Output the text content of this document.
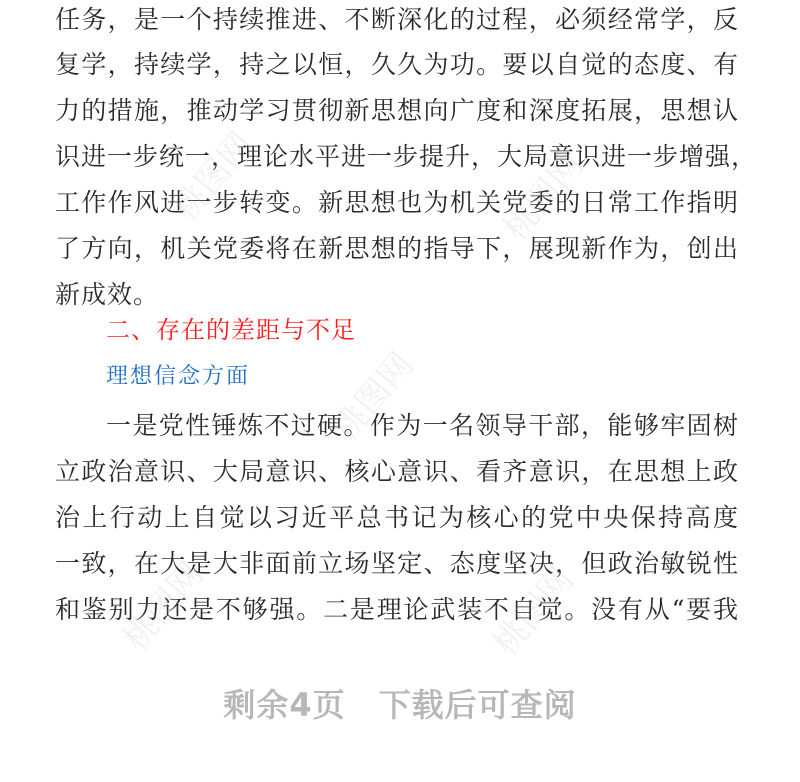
任务，是一个持续推进、不断深化的过程，必须经常学，反
复学，持续学，持之以恒，久久为功。要以自觉的态度、有
力的措施，推动学习贯彻新思想向广度和深度拓展，思想认
识进一步统一，理论水平进一步提升，大局意识进一步增强，
工作作风进一步转变。新思想也为机关党委的日常工作指明
了方向，机关党委将在新思想的指导下，展现新作为，创出
新成效。
二、存在的差距与不足
理想信念方面
一是党性锤炼不过硬。作为一名领导干部，能够牢固树
立政治意识、大局意识、核心意识、看齐意识，在思想上政
治上行动上自觉以习近平总书记为核心的党中央保持高度
一致，在大是大非面前立场坚定、态度坚决，但政治敏锐性
和鉴别力还是不够强。二是理论武装不自觉。没有从“要我
桃图网	桃图网
桃图网
桃图网	桃图网
剩余4页　下载后可查阅
